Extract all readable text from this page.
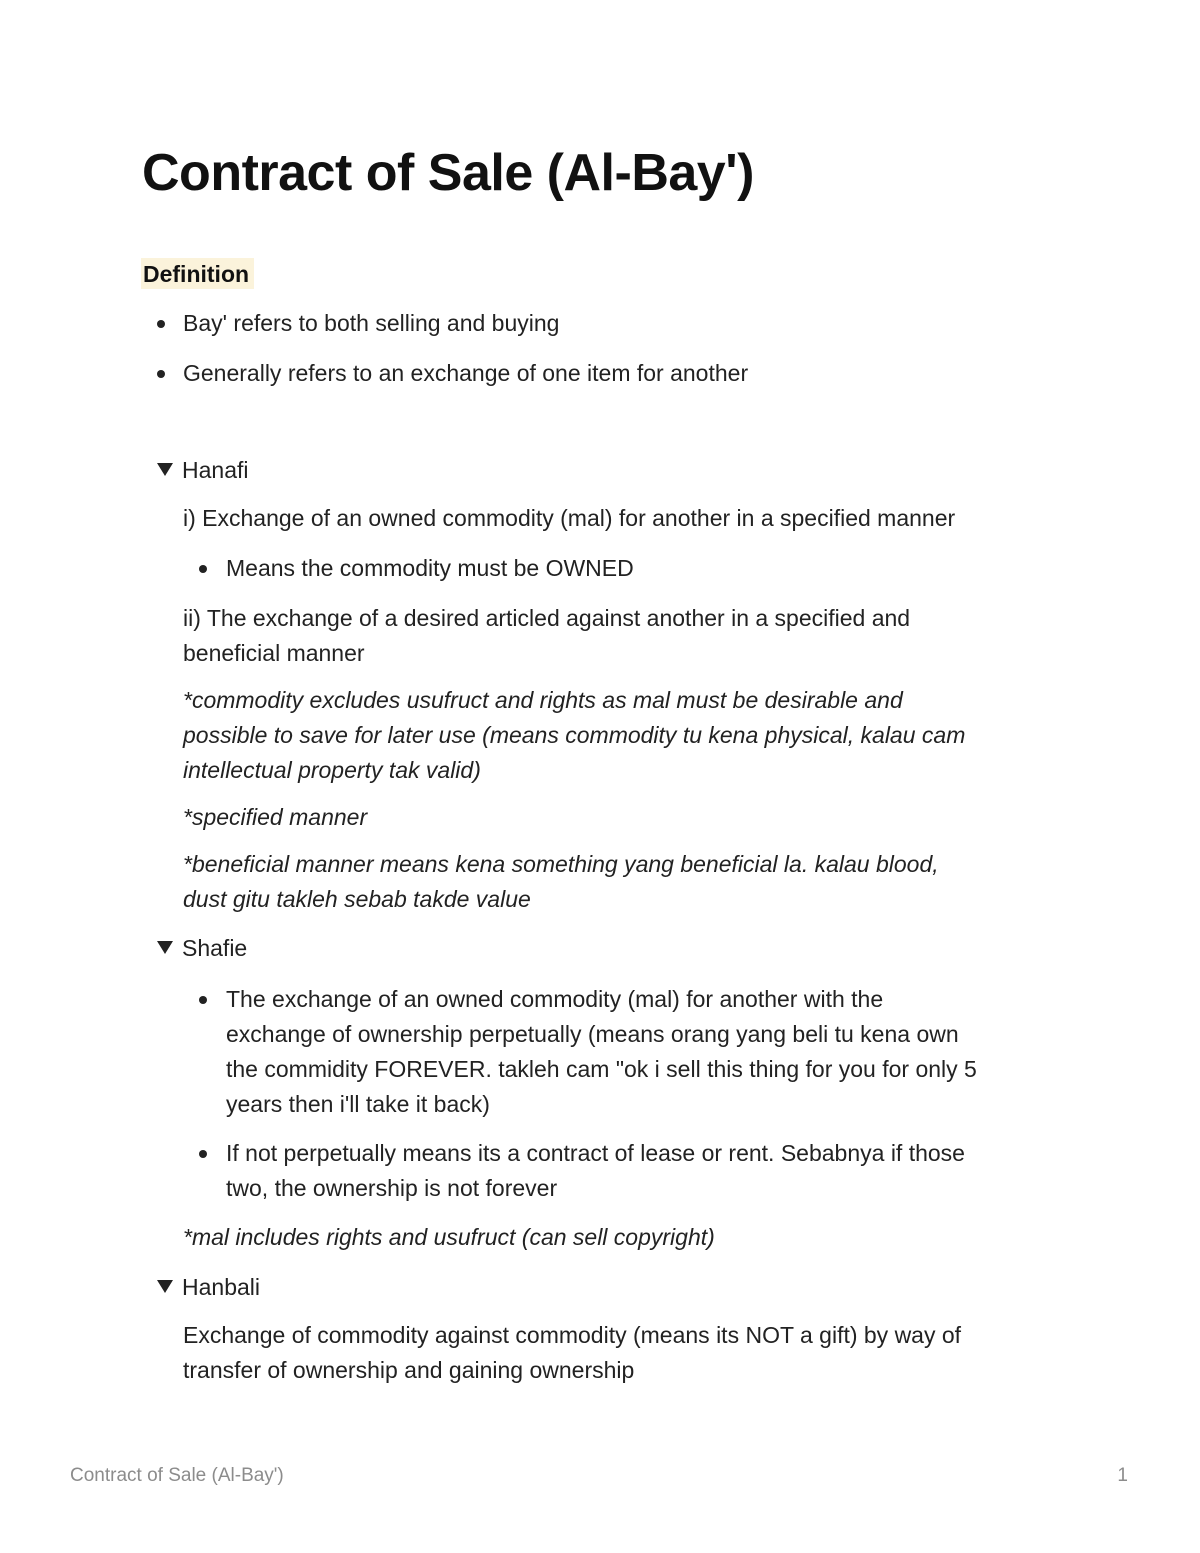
Contract of Sale (Al-Bay')
Definition
Bay' refers to both selling and buying
Generally refers to an exchange of one item for another
Hanafi
i) Exchange of an owned commodity (mal) for another in a specified manner
Means the commodity must be OWNED
ii) The exchange of a desired articled against another in a specified and
beneficial manner
*commodity excludes usufruct and rights as mal must be desirable and
possible to save for later use (means commodity tu kena physical, kalau cam
intellectual property tak valid)
*specified manner
*beneficial manner means kena something yang beneficial la. kalau blood,
dust gitu takleh sebab takde value
Shafie
The exchange of an owned commodity (mal) for another with the
exchange of ownership perpetually (means orang yang beli tu kena own
the commidity FOREVER. takleh cam "ok i sell this thing for you for only 5
years then i'll take it back)
If not perpetually means its a contract of lease or rent. Sebabnya if those
two, the ownership is not forever
*mal includes rights and usufruct (can sell copyright)
Hanbali
Exchange of commodity against commodity (means its NOT a gift) by way of
transfer of ownership and gaining ownership
Contract of Sale (Al-Bay')	1
